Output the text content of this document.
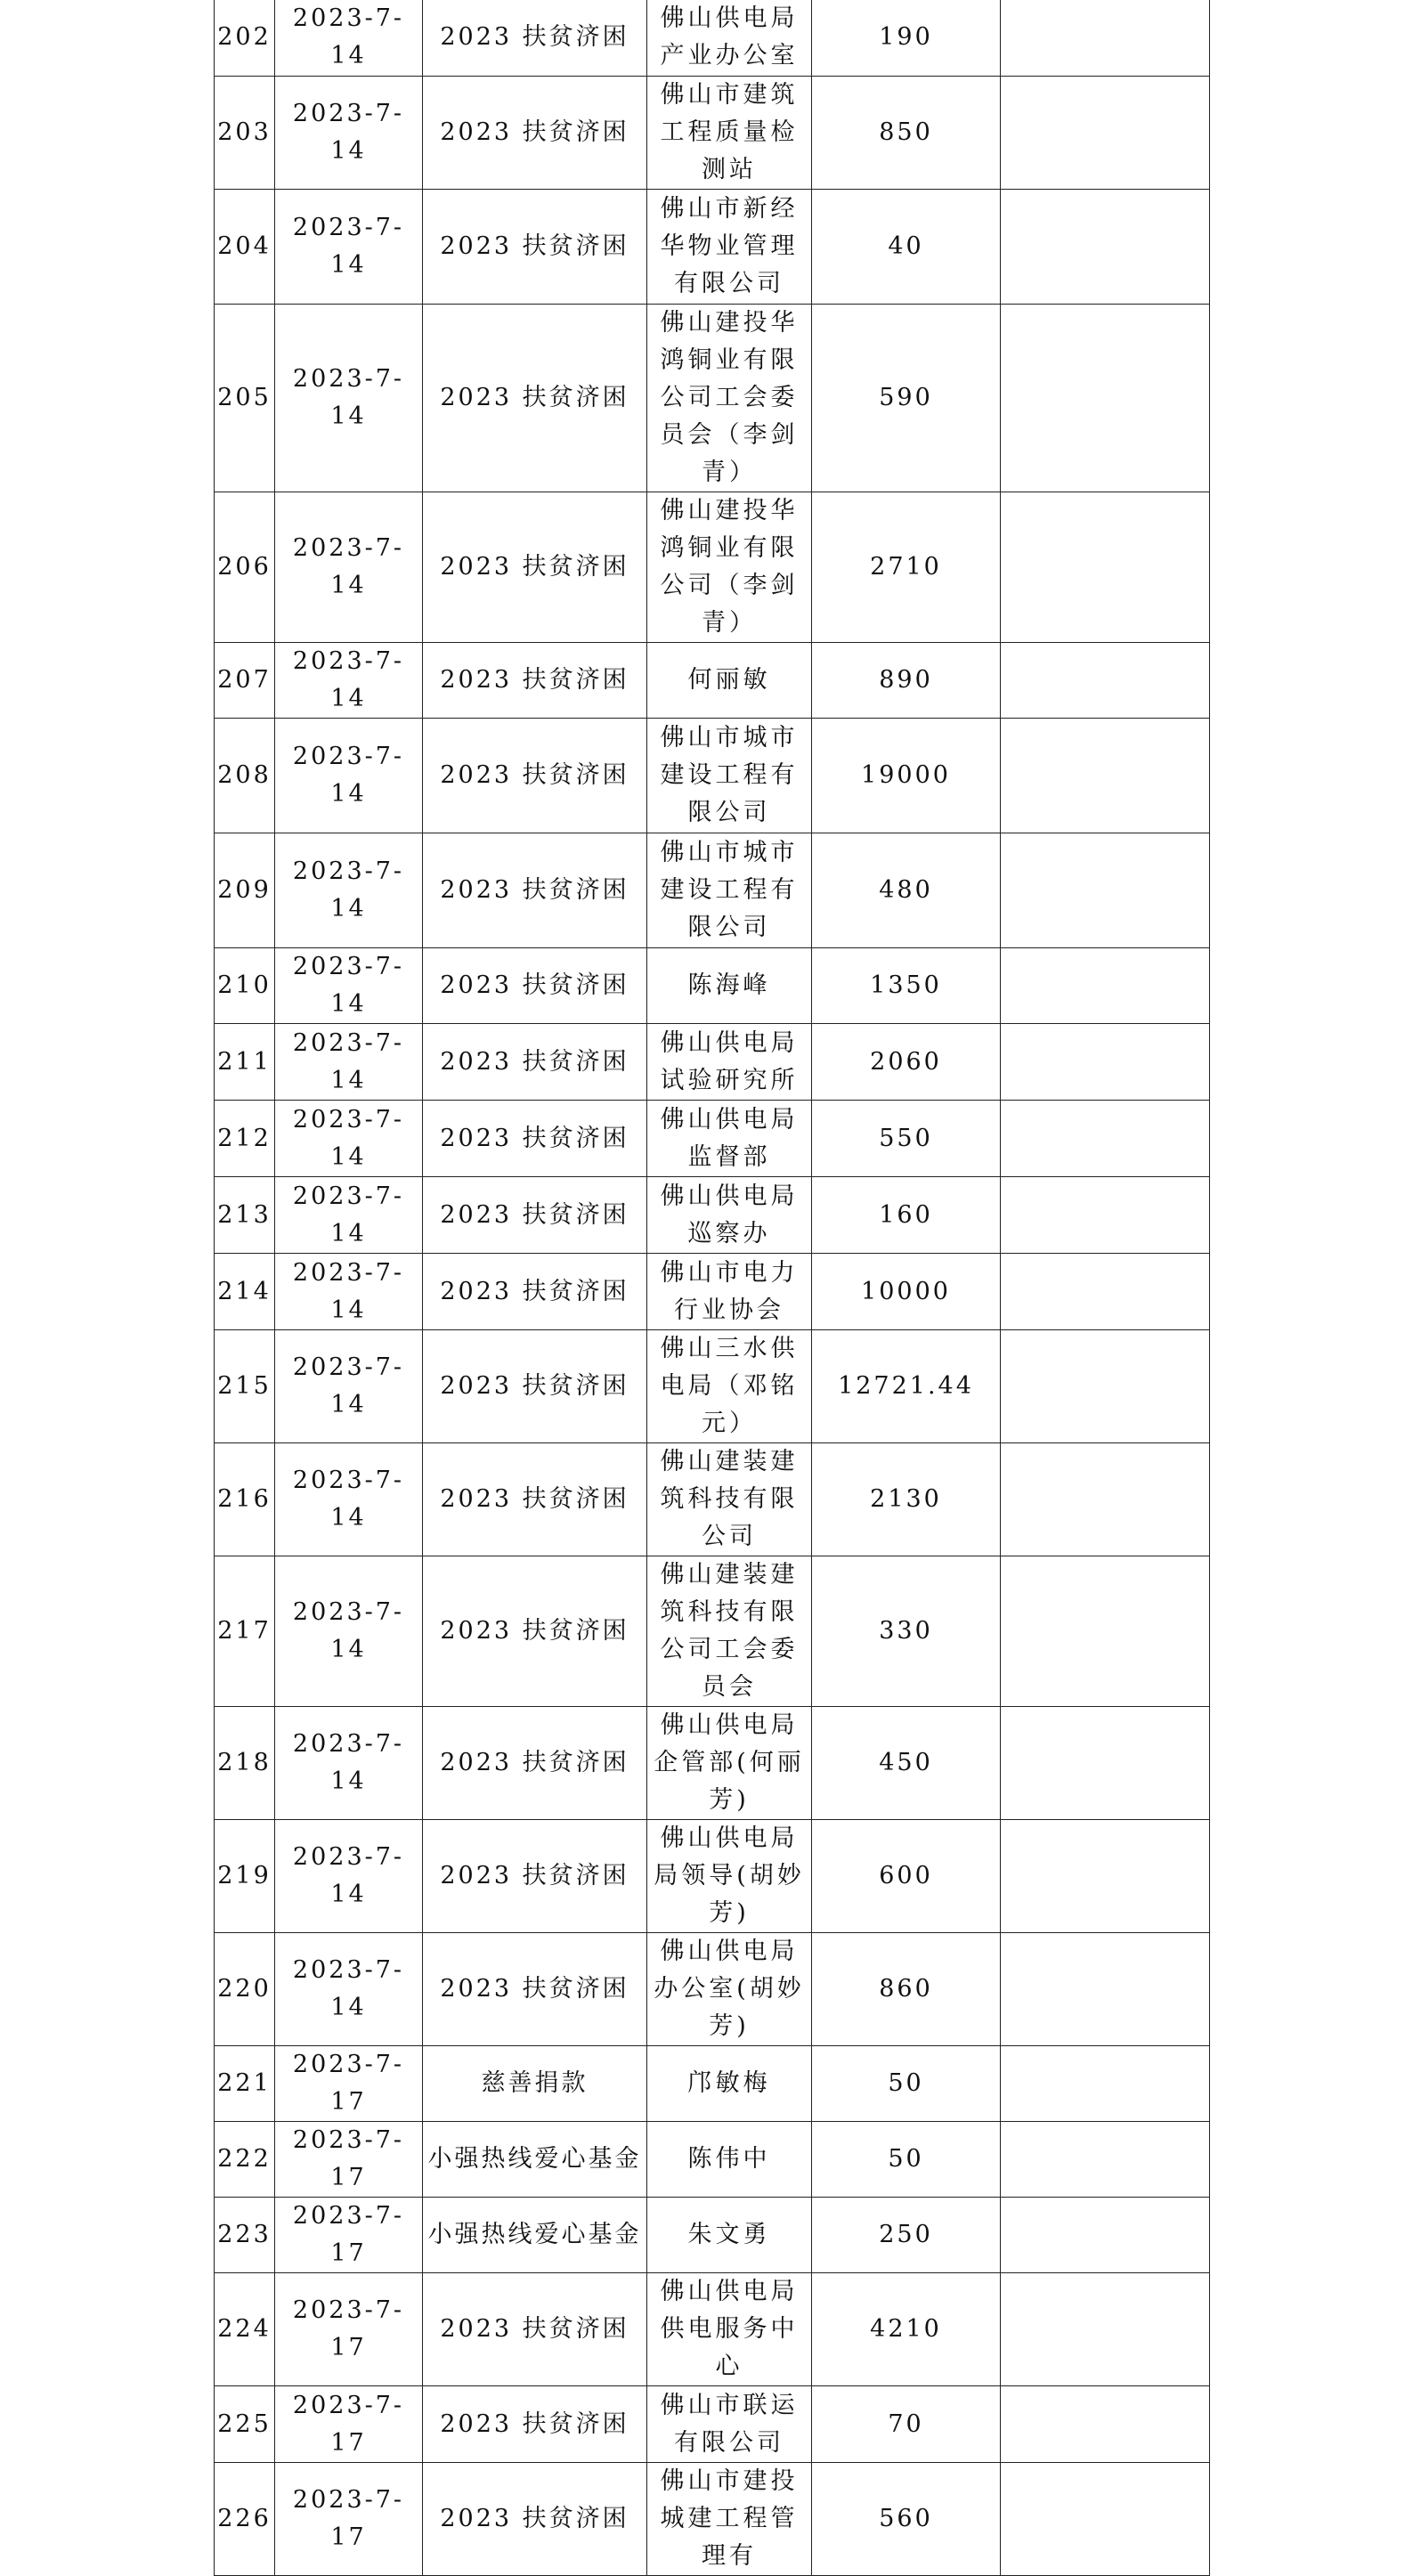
202	2023-7-14	2023 扶贫济困	佛山供电局产业办公室	190	
203	2023-7-14	2023 扶贫济困	佛山市建筑工程质量检测站	850	
204	2023-7-14	2023 扶贫济困	佛山市新经华物业管理有限公司	40	
205	2023-7-14	2023 扶贫济困	佛山建投华鸿铜业有限公司工会委员会（李剑青）	590	
206	2023-7-14	2023 扶贫济困	佛山建投华鸿铜业有限公司（李剑青）	2710	
207	2023-7-14	2023 扶贫济困	何丽敏	890	
208	2023-7-14	2023 扶贫济困	佛山市城市建设工程有限公司	19000	
209	2023-7-14	2023 扶贫济困	佛山市城市建设工程有限公司	480	
210	2023-7-14	2023 扶贫济困	陈海峰	1350	
211	2023-7-14	2023 扶贫济困	佛山供电局试验研究所	2060	
212	2023-7-14	2023 扶贫济困	佛山供电局监督部	550	
213	2023-7-14	2023 扶贫济困	佛山供电局巡察办	160	
214	2023-7-14	2023 扶贫济困	佛山市电力行业协会	10000	
215	2023-7-14	2023 扶贫济困	佛山三水供电局（邓铭元）	12721.44	
216	2023-7-14	2023 扶贫济困	佛山建装建筑科技有限公司	2130	
217	2023-7-14	2023 扶贫济困	佛山建装建筑科技有限公司工会委员会	330	
218	2023-7-14	2023 扶贫济困	佛山供电局企管部(何丽芳)	450	
219	2023-7-14	2023 扶贫济困	佛山供电局局领导(胡妙芳)	600	
220	2023-7-14	2023 扶贫济困	佛山供电局办公室(胡妙芳)	860	
221	2023-7-17	慈善捐款	邝敏梅	50	
222	2023-7-17	小强热线爱心基金	陈伟中	50	
223	2023-7-17	小强热线爱心基金	朱文勇	250	
224	2023-7-17	2023 扶贫济困	佛山供电局供电服务中心	4210	
225	2023-7-17	2023 扶贫济困	佛山市联运有限公司	70	
226	2023-7-17	2023 扶贫济困	佛山市建投城建工程管理有	560	
